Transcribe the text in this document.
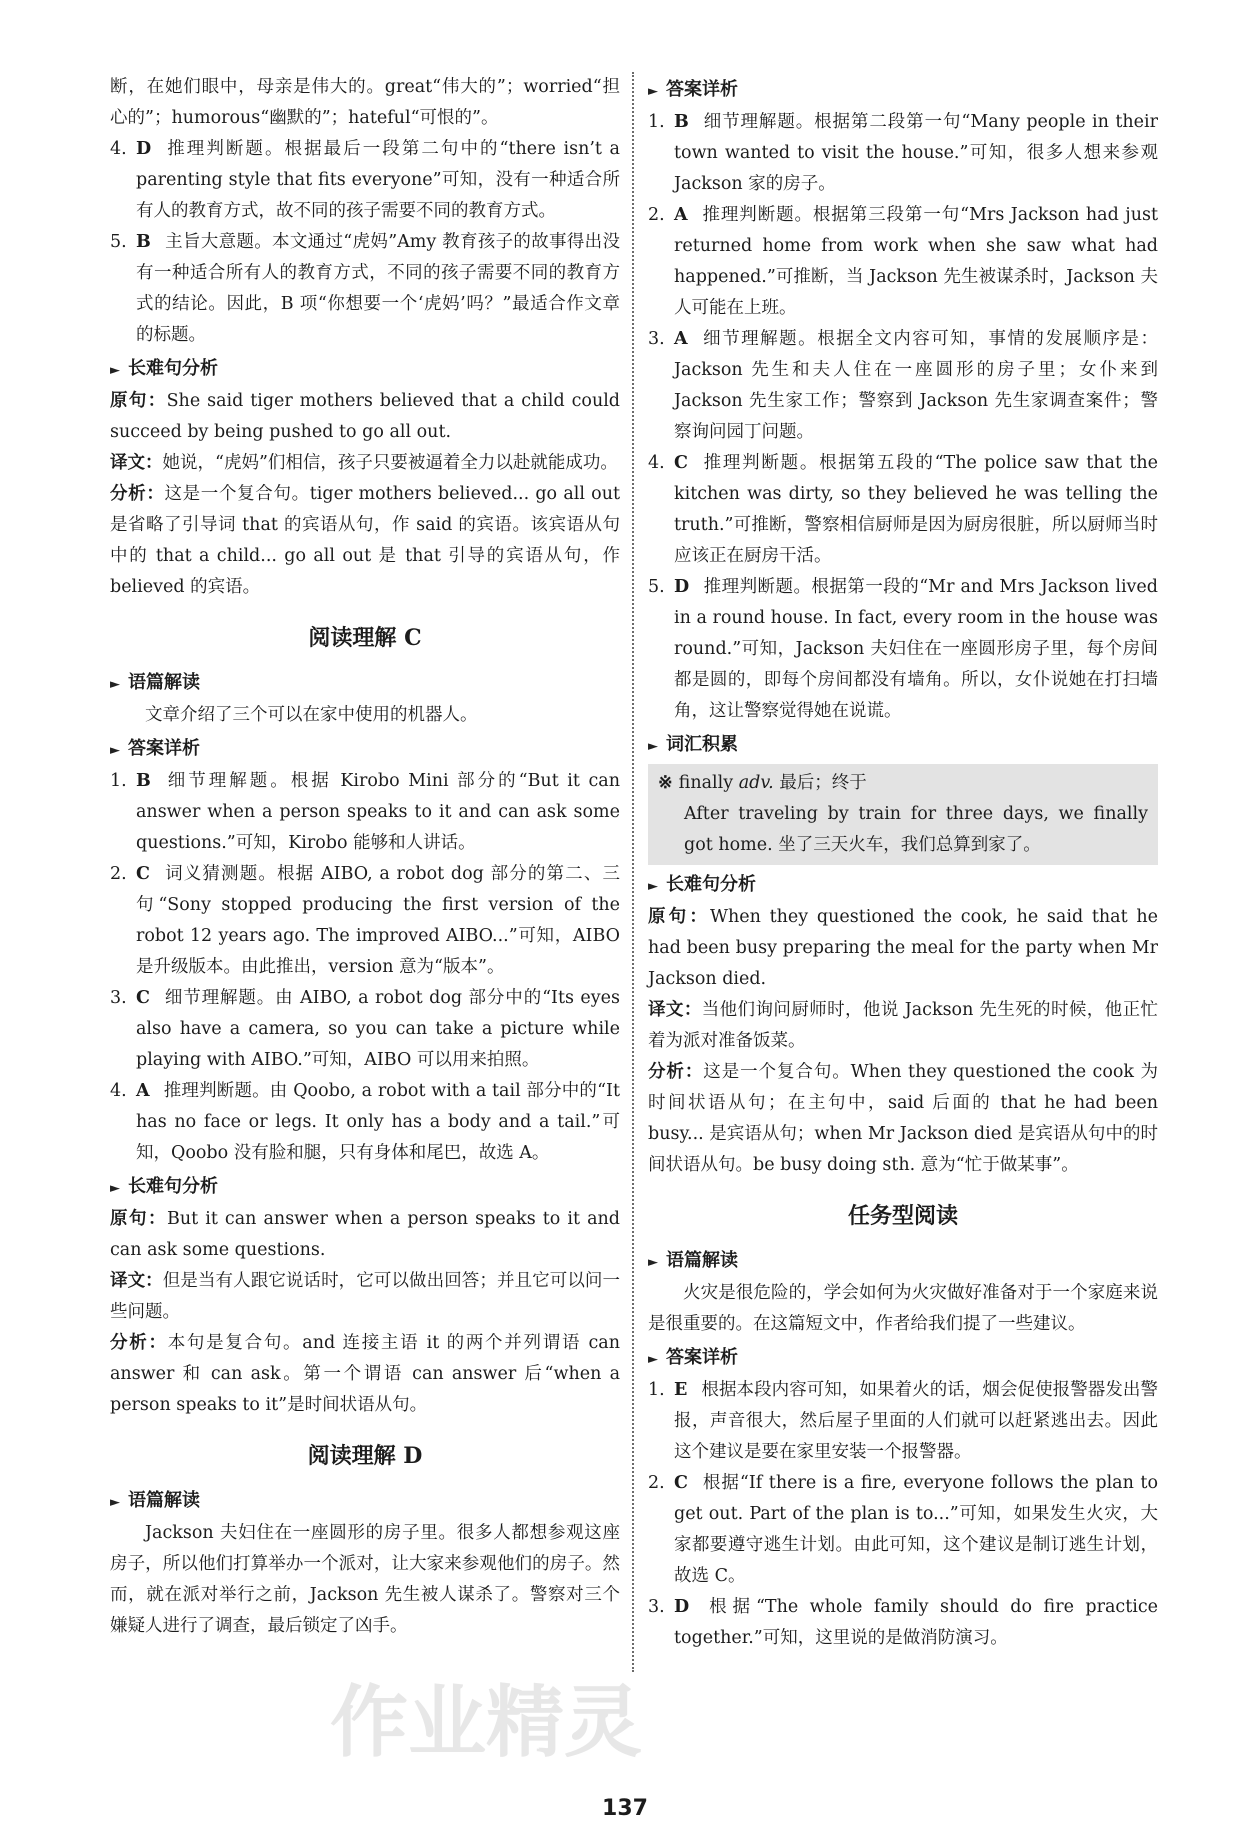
断，在她们眼中，母亲是伟大的。great“伟大的”；worried“担心的”；humorous“幽默的”；hateful“可恨的”。

4. D 推理判断题。根据最后一段第二句中的“there isn’t a parenting style that fits everyone”可知，没有一种适合所有人的教育方式，故不同的孩子需要不同的教育方式。
5. B 主旨大意题。本文通过“虎妈”Amy 教育孩子的故事得出没有一种适合所有人的教育方式，不同的孩子需要不同的教育方式的结论。因此，B 项“你想要一个‘虎妈’吗？”最适合作文章的标题。
► 长难句分析

原句：She said tiger mothers believed that a child could succeed by being pushed to go all out.

译文：她说，“虎妈”们相信，孩子只要被逼着全力以赴就能成功。

分析：这是一个复合句。tiger mothers believed... go all out 是省略了引导词 that 的宾语从句，作 said 的宾语。该宾语从句中的 that a child... go all out 是 that 引导的宾语从句，作 believed 的宾语。

阅读理解 C
► 语篇解读

文章介绍了三个可以在家中使用的机器人。

► 答案详析
1. B 细节理解题。根据 Kirobo Mini 部分的“But it can answer when a person speaks to it and can ask some questions.”可知，Kirobo 能够和人讲话。
2. C 词义猜测题。根据 AIBO, a robot dog 部分的第二、三句“Sony stopped producing the first version of the robot 12 years ago. The improved AIBO...”可知，AIBO 是升级版本。由此推出，version 意为“版本”。
3. C 细节理解题。由 AIBO, a robot dog 部分中的“Its eyes also have a camera, so you can take a picture while playing with AIBO.”可知，AIBO 可以用来拍照。
4. A 推理判断题。由 Qoobo, a robot with a tail 部分中的“It has no face or legs. It only has a body and a tail.”可知，Qoobo 没有脸和腿，只有身体和尾巴，故选 A。
► 长难句分析

原句：But it can answer when a person speaks to it and can ask some questions.

译文：但是当有人跟它说话时，它可以做出回答；并且它可以问一些问题。

分析：本句是复合句。and 连接主语 it 的两个并列谓语 can answer 和 can ask。第一个谓语 can answer 后“when a person speaks to it”是时间状语从句。

阅读理解 D
► 语篇解读

Jackson 夫妇住在一座圆形的房子里。很多人都想参观这座房子，所以他们打算举办一个派对，让大家来参观他们的房子。然而，就在派对举行之前，Jackson 先生被人谋杀了。警察对三个嫌疑人进行了调查，最后锁定了凶手。

► 答案详析
1. B 细节理解题。根据第二段第一句“Many people in their town wanted to visit the house.”可知，很多人想来参观 Jackson 家的房子。
2. A 推理判断题。根据第三段第一句“Mrs Jackson had just returned home from work when she saw what had happened.”可推断，当 Jackson 先生被谋杀时，Jackson 夫人可能在上班。
3. A 细节理解题。根据全文内容可知，事情的发展顺序是：Jackson 先生和夫人住在一座圆形的房子里；女仆来到 Jackson 先生家工作；警察到 Jackson 先生家调查案件；警察询问园丁问题。
4. C 推理判断题。根据第五段的“The police saw that the kitchen was dirty, so they believed he was telling the truth.”可推断，警察相信厨师是因为厨房很脏，所以厨师当时应该正在厨房干活。
5. D 推理判断题。根据第一段的“Mr and Mrs Jackson lived in a round house. In fact, every room in the house was round.”可知，Jackson 夫妇住在一座圆形房子里，每个房间都是圆的，即每个房间都没有墙角。所以，女仆说她在打扫墙角，这让警察觉得她在说谎。
► 词汇积累

※ finally adv. 最后；终于

After traveling by train for three days, we finally got home. 坐了三天火车，我们总算到家了。

► 长难句分析

原句：When they questioned the cook, he said that he had been busy preparing the meal for the party when Mr Jackson died.

译文：当他们询问厨师时，他说 Jackson 先生死的时候，他正忙着为派对准备饭菜。

分析：这是一个复合句。When they questioned the cook 为时间状语从句；在主句中，said 后面的 that he had been busy... 是宾语从句；when Mr Jackson died 是宾语从句中的时间状语从句。be busy doing sth. 意为“忙于做某事”。

任务型阅读
► 语篇解读

火灾是很危险的，学会如何为火灾做好准备对于一个家庭来说是很重要的。在这篇短文中，作者给我们提了一些建议。

► 答案详析
1. E 根据本段内容可知，如果着火的话，烟会促使报警器发出警报，声音很大，然后屋子里面的人们就可以赶紧逃出去。因此这个建议是要在家里安装一个报警器。
2. C 根据“If there is a fire, everyone follows the plan to get out. Part of the plan is to...”可知，如果发生火灾，大家都要遵守逃生计划。由此可知，这个建议是制订逃生计划，故选 C。
3. D 根据“The whole family should do fire practice together.”可知，这里说的是做消防演习。
作业精灵
137
